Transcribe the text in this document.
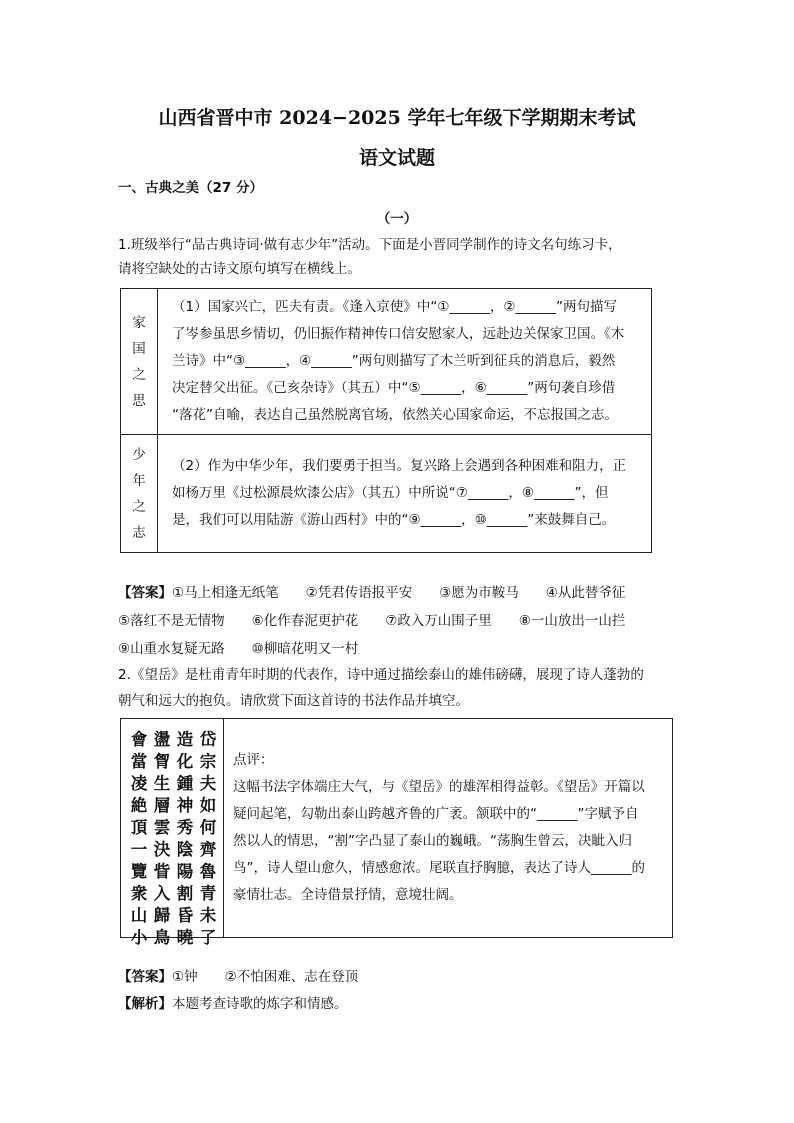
山西省晋中市 2024−2025 学年七年级下学期期末考试
语文试题
一、古典之美（27 分）
（一）
1.班级举行“品古典诗词·做有志少年”活动。下面是小晋同学制作的诗文名句练习卡，
请将空缺处的古诗文原句填写在横线上。
家
国
之
思	（1）国家兴亡，匹夫有责。《逢入京使》中“①______，②______”两句描写
了岑参虽思乡情切，仍旧振作精神传口信安慰家人，远赴边关保家卫国。《木
兰诗》中“③______，④______”两句则描写了木兰听到征兵的消息后，毅然
决定替父出征。《己亥杂诗》（其五）中“⑤______，⑥______”两句袭自珍借
“落花”自喻，表达自己虽然脱离官场，依然关心国家命运，不忘报国之志。

少
年
之
志	（2）作为中华少年，我们要勇于担当。复兴路上会遇到各种困难和阻力，正
如杨万里《过松源晨炊漆公店》（其五）中所说“⑦______，⑧______”，但
是，我们可以用陆游《游山西村》中的“⑨______，⑩______”来鼓舞自己。
【答案】①马上相逢无纸笔　　②凭君传语报平安　　③愿为市鞍马　　④从此替爷征
⑤落红不是无情物　　⑥化作春泥更护花　　⑦政入万山围子里　　⑧一山放出一山拦
⑨山重水复疑无路　　⑩柳暗花明又一村
2.《望岳》是杜甫青年时期的代表作，诗中通过描绘泰山的雄伟磅礴，展现了诗人蓬勃的
朝气和远大的抱负。请欣赏下面这首诗的书法作品并填空。
岱宗夫如何齊魯青未了
造化鍾神秀陰陽割昏曉
盪胷生層雲決眥入歸鳥
會當凌絶頂一覽衆山小
点评：
这幅书法字体端庄大气，与《望岳》的雄浑相得益彰。《望岳》开篇以
疑问起笔，勾勒出泰山跨越齐鲁的广袤。颔联中的“______”字赋予自
然以人的情思，“割”字凸显了泰山的巍峨。“荡胸生曾云，决眦入归
鸟”，诗人望山愈久，情感愈浓。尾联直抒胸臆，表达了诗人______的
豪情壮志。全诗借景抒情，意境壮阔。
【答案】①钟　　②不怕困难、志在登顶
【解析】本题考查诗歌的炼字和情感。
